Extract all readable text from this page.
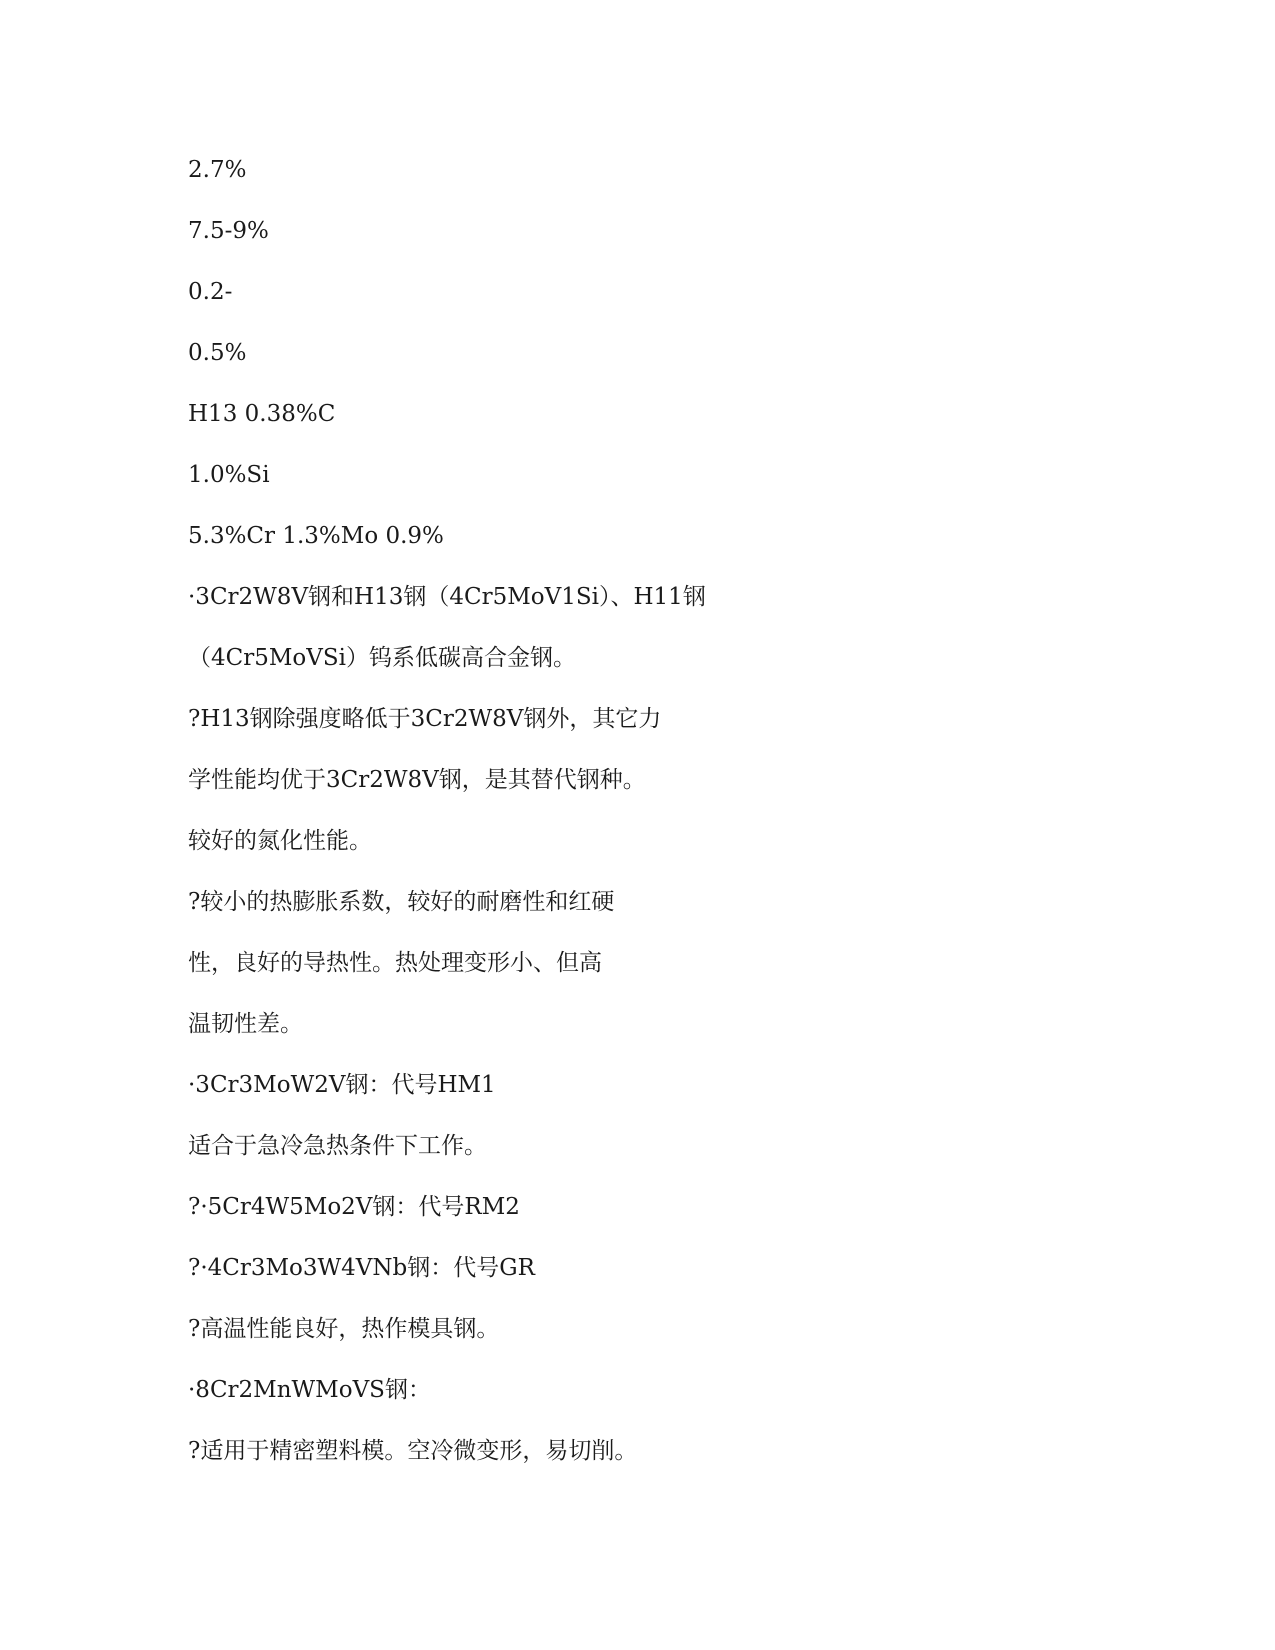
2.7%
7.5-9%
0.2-
0.5%
H13 0.38%C
1.0%Si
5.3%Cr 1.3%Mo 0.9%
·3Cr2W8V钢和H13钢（4Cr5MoV1Si）、H11钢
（4Cr5MoVSi）钨系低碳高合金钢。
?H13钢除强度略低于3Cr2W8V钢外，其它力
学性能均优于3Cr2W8V钢，是其替代钢种。
较好的氮化性能。
?较小的热膨胀系数，较好的耐磨性和红硬
性，良好的导热性。热处理变形小、但高
温韧性差。
·3Cr3MoW2V钢：代号HM1
适合于急冷急热条件下工作。
?·5Cr4W5Mo2V钢：代号RM2
?·4Cr3Mo3W4VNb钢：代号GR
?高温性能良好，热作模具钢。
·8Cr2MnWMoVS钢：
?适用于精密塑料模。空冷微变形，易切削。
